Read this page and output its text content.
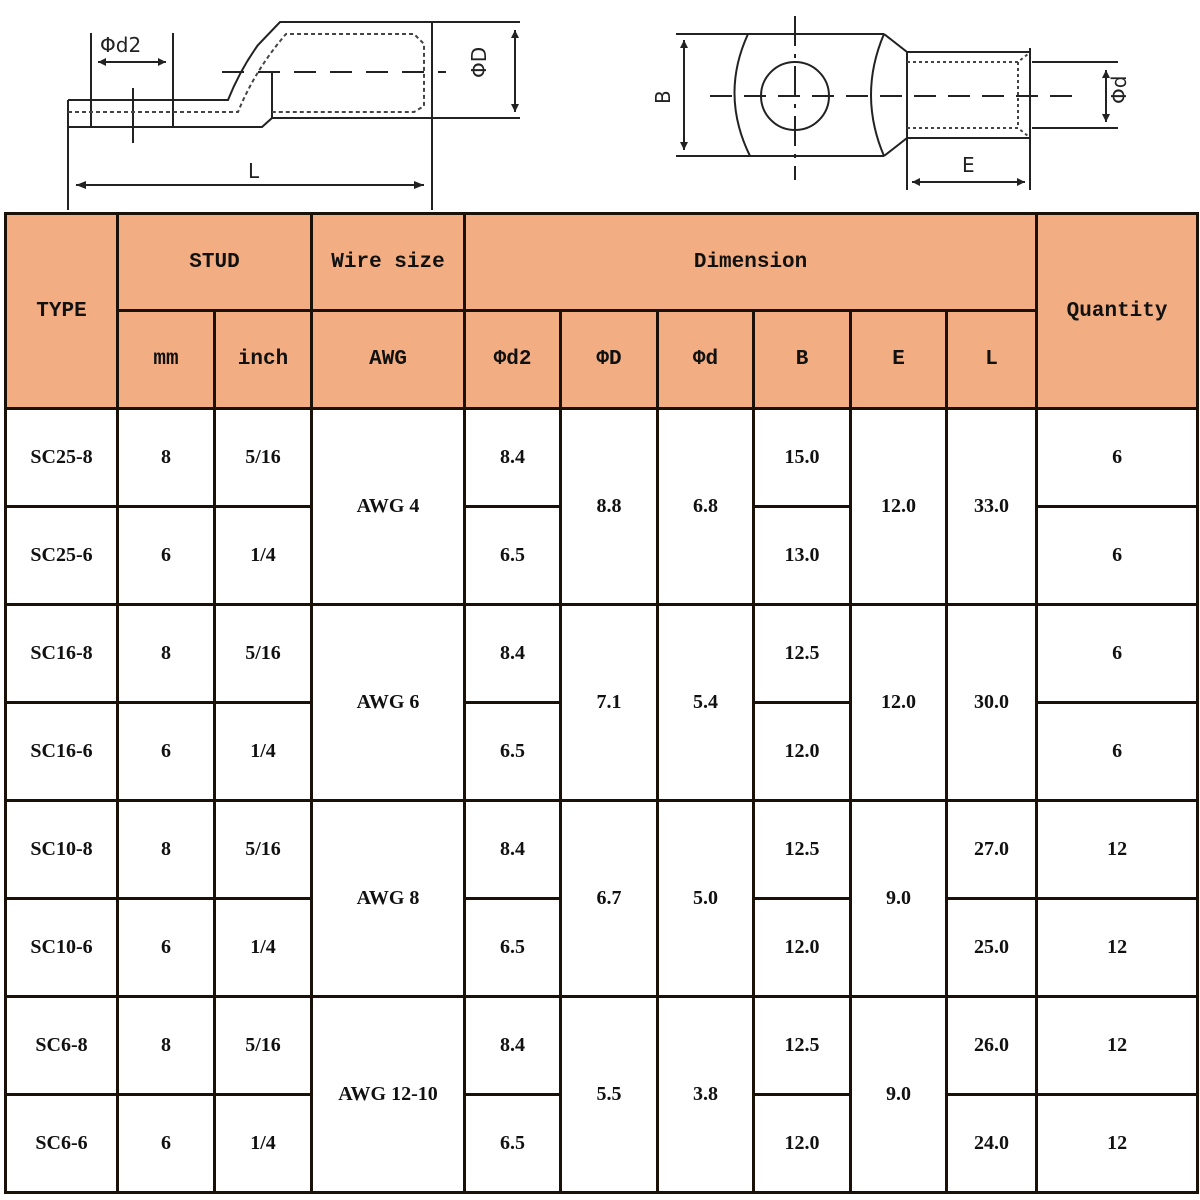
Φd2
L
ΦD
B	Φd
E
TYPE	STUD		Wire size	Dimension						Quantity
	mm	inch	AWG	Φd2	ΦD	Φd	B	E	L	
SC25-8	8	5/16	AWG 4	8.4	8.8	6.8	15.0	12.0	33.0	6
SC25-6	6	1/4		6.5			13.0			6
SC16-8	8	5/16	AWG 6	8.4	7.1	5.4	12.5	12.0	30.0	6
SC16-6	6	1/4		6.5			12.0			6
SC10-8	8	5/16	AWG 8	8.4	6.7	5.0	12.5	9.0	27.0	12
SC10-6	6	1/4		6.5			12.0		25.0	12
SC6-8	8	5/16	AWG 12-10	8.4	5.5	3.8	12.5	9.0	26.0	12
SC6-6	6	1/4		6.5			12.0		24.0	12
